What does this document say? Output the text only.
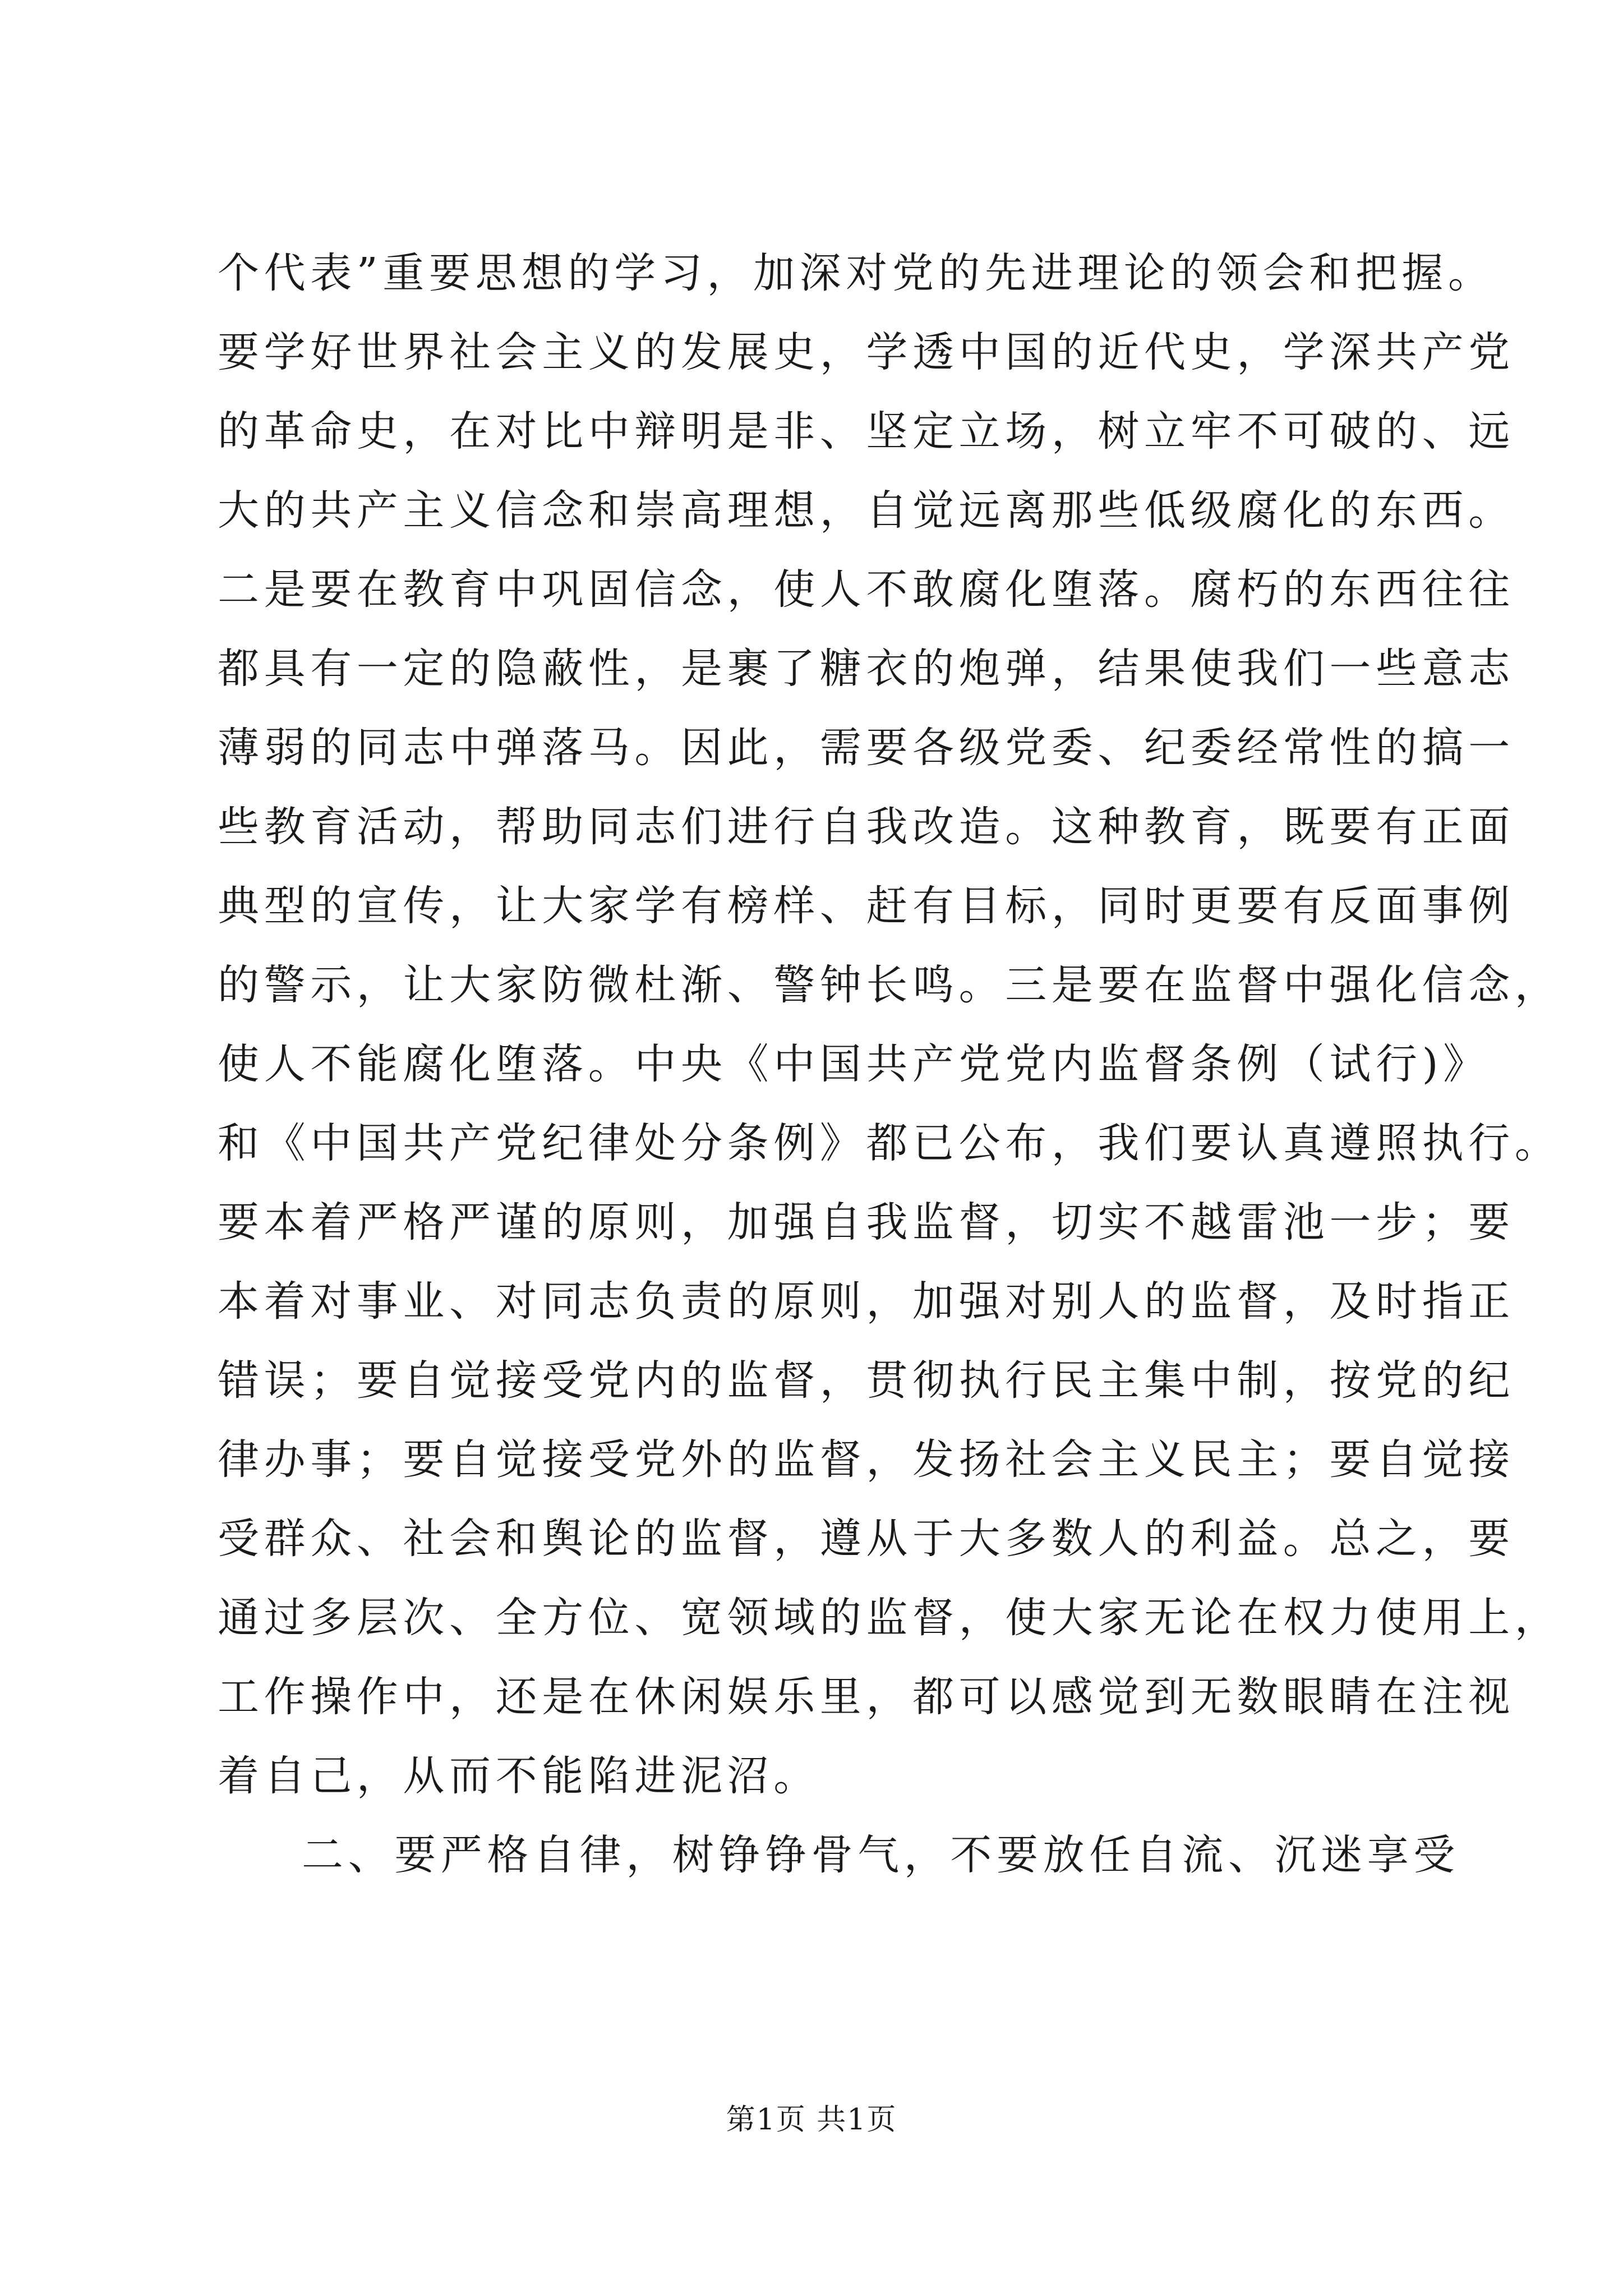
个代表”重要思想的学习，加深对党的先进理论的领会和把握。
要学好世界社会主义的发展史，学透中国的近代史，学深共产党
的革命史，在对比中辩明是非、坚定立场，树立牢不可破的、远
大的共产主义信念和崇高理想，自觉远离那些低级腐化的东西。
二是要在教育中巩固信念，使人不敢腐化堕落。腐朽的东西往往
都具有一定的隐蔽性，是裹了糖衣的炮弹，结果使我们一些意志
薄弱的同志中弹落马。因此，需要各级党委、纪委经常性的搞一
些教育活动，帮助同志们进行自我改造。这种教育，既要有正面
典型的宣传，让大家学有榜样、赶有目标，同时更要有反面事例
的警示，让大家防微杜渐、警钟长鸣。三是要在监督中强化信念，
使人不能腐化堕落。中央《中国共产党党内监督条例（试行)》
和《中国共产党纪律处分条例》都已公布，我们要认真遵照执行。
要本着严格严谨的原则，加强自我监督，切实不越雷池一步；要
本着对事业、对同志负责的原则，加强对别人的监督，及时指正
错误；要自觉接受党内的监督，贯彻执行民主集中制，按党的纪
律办事；要自觉接受党外的监督，发扬社会主义民主；要自觉接
受群众、社会和舆论的监督，遵从于大多数人的利益。总之，要
通过多层次、全方位、宽领域的监督，使大家无论在权力使用上，
工作操作中，还是在休闲娱乐里，都可以感觉到无数眼睛在注视
着自己，从而不能陷进泥沼。
二、要严格自律，树铮铮骨气，不要放任自流、沉迷享受
第1页 共1页
